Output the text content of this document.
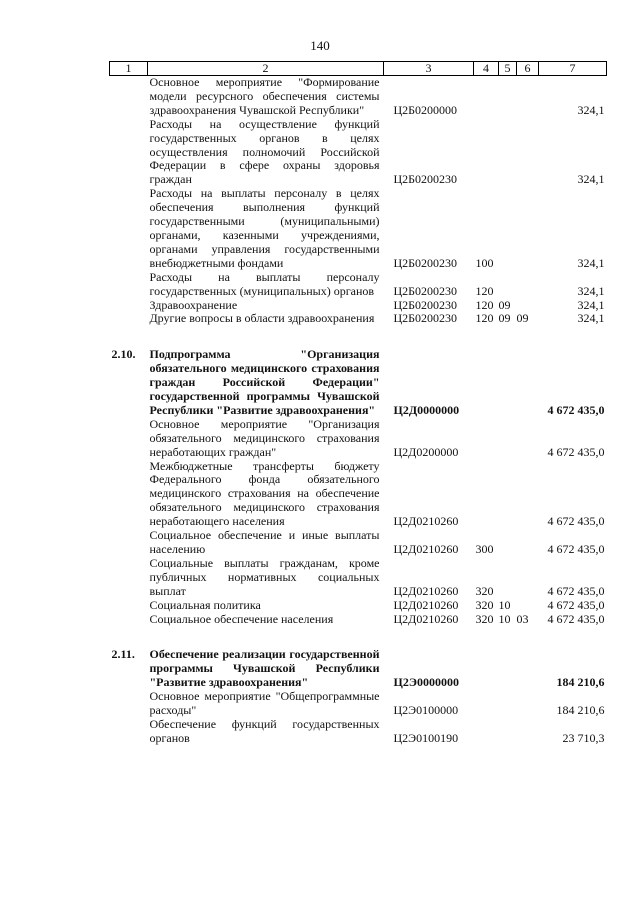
140
1	2	3	4	5	6	7
	Основное мероприятие "Формирование модели ресурсного обеспечения системы здравоохранения Чувашской Республики"	Ц2Б0200000				324,1
	Расходы на осуществление функций государственных органов в целях осуществления полномочий Российской Федерации в сфере охраны здоровья граждан	Ц2Б0200230				324,1
	Расходы на выплаты персоналу в целях обеспечения выполнения функций государственными (муниципальными) органами, казенными учреждениями, органами управления государственными внебюджетными фондами	Ц2Б0200230	100			324,1
	Расходы на выплаты персоналу государственных (муниципальных) органов	Ц2Б0200230	120			324,1
	Здравоохранение	Ц2Б0200230	120	09		324,1
	Другие вопросы в области здравоохранения	Ц2Б0200230	120	09	09	324,1

2.10.	Подпрограмма "Организация обязательного медицинского страхования граждан Российской Федерации" государственной программы Чувашской Республики "Развитие здравоохранения"	Ц2Д0000000				4 672 435,0
	Основное мероприятие "Организация обязательного медицинского страхования неработающих граждан"	Ц2Д0200000				4 672 435,0
	Межбюджетные трансферты бюджету Федерального фонда обязательного медицинского страхования на обеспечение обязательного медицинского страхования неработающего населения	Ц2Д0210260				4 672 435,0
	Социальное обеспечение и иные выплаты населению	Ц2Д0210260	300			4 672 435,0
	Социальные выплаты гражданам, кроме публичных нормативных социальных выплат	Ц2Д0210260	320			4 672 435,0
	Социальная политика	Ц2Д0210260	320	10		4 672 435,0
	Социальное обеспечение населения	Ц2Д0210260	320	10	03	4 672 435,0

2.11.	Обеспечение реализации государственной программы Чувашской Республики "Развитие здравоохранения"	Ц2Э0000000				184 210,6
	Основное мероприятие "Общепрограммные расходы"	Ц2Э0100000				184 210,6
	Обеспечение функций государственных органов	Ц2Э0100190				23 710,3
